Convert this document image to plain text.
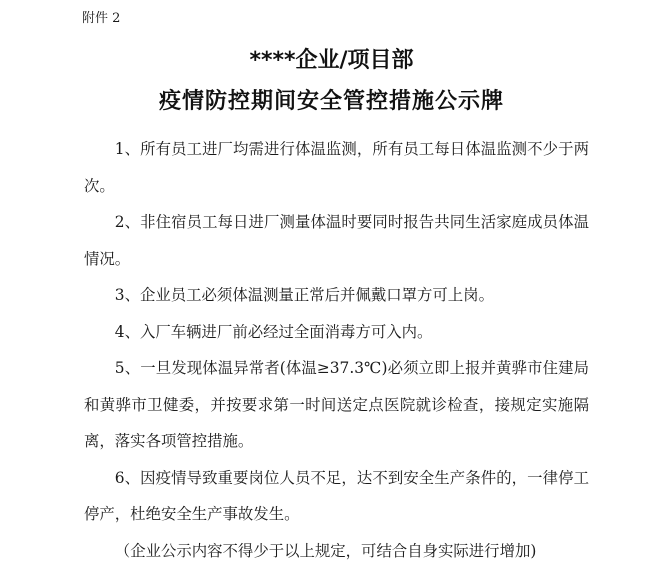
附件 2
****企业/项目部
疫情防控期间安全管控措施公示牌

1、所有员工进厂均需进行体温监测，所有员工每日体温监测不少于两次。

2、非住宿员工每日进厂测量体温时要同时报告共同生活家庭成员体温情况。

3、企业员工必须体温测量正常后并佩戴口罩方可上岗。

4、入厂车辆进厂前必经过全面消毒方可入内。

5、一旦发现体温异常者(体温≥37.3℃)必须立即上报并黄骅市住建局和黄骅市卫健委，并按要求第一时间送定点医院就诊检查，接规定实施隔离，落实各项管控措施。

6、因疫情导致重要岗位人员不足，达不到安全生产条件的，一律停工停产，杜绝安全生产事故发生。

（企业公示内容不得少于以上规定，可结合自身实际进行增加)
